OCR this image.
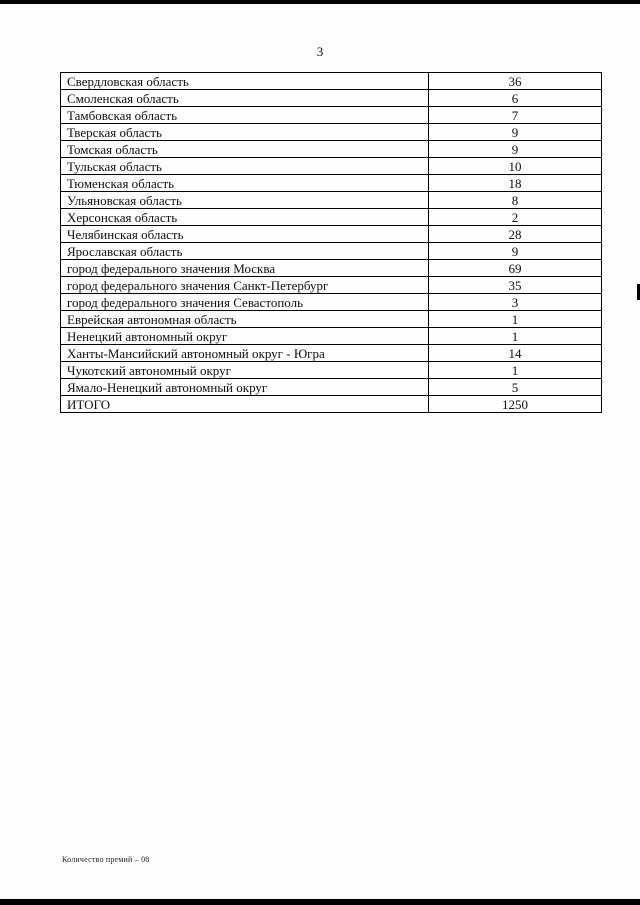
3
Свердловская область	36
Смоленская область	6
Тамбовская область	7
Тверская область	9
Томская область	9
Тульская область	10
Тюменская область	18
Ульяновская область	8
Херсонская область	2
Челябинская область	28
Ярославская область	9
город федерального значения Москва	69
город федерального значения Санкт-Петербург	35
город федерального значения Севастополь	3
Еврейская автономная область	1
Ненецкий автономный округ	1
Ханты-Мансийский автономный округ - Югра	14
Чукотский автономный округ	1
Ямало-Ненецкий автономный округ	5
ИТОГО	1250
Количество премий – 08
